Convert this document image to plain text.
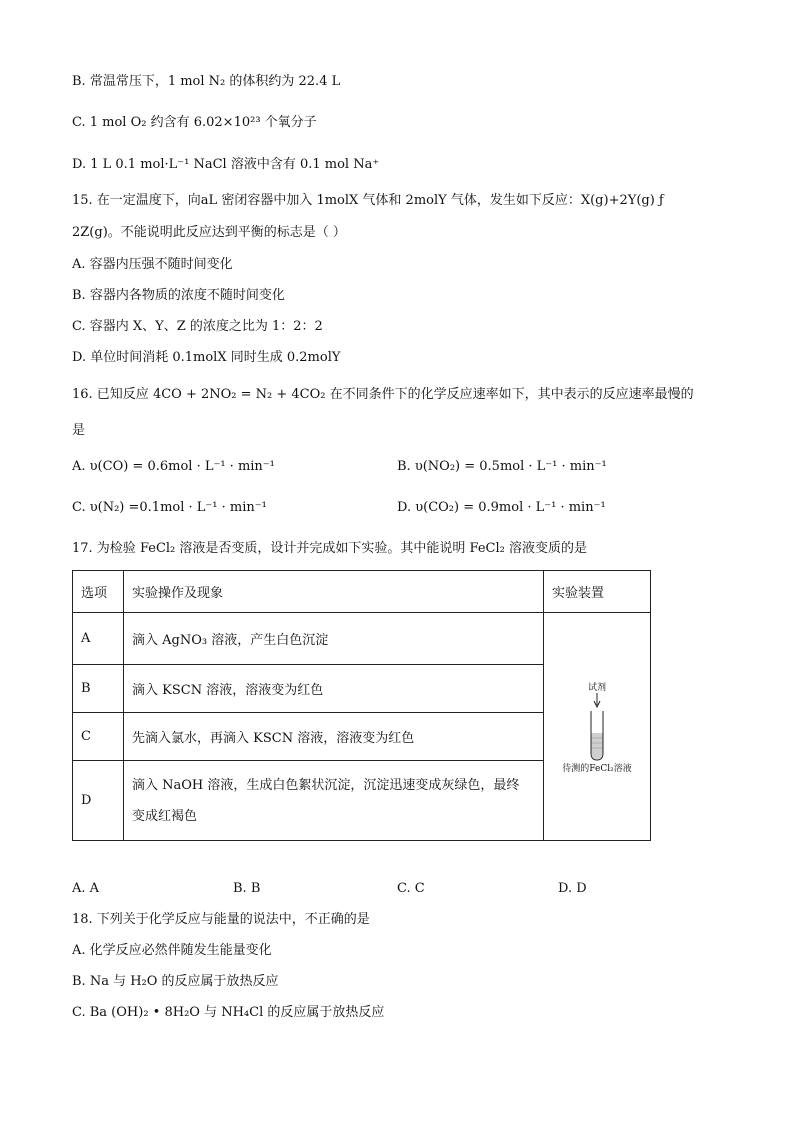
B. 常温常压下，1 mol N₂ 的体积约为 22.4 L
C. 1 mol O₂ 约含有 6.02×10²³ 个氧分子
D. 1 L 0.1 mol·L⁻¹ NaCl 溶液中含有 0.1 mol Na⁺
15. 在一定温度下，向aL 密闭容器中加入 1molX 气体和 2molY 气体，发生如下反应：X(g)+2Y(g) ƒ
2Z(g)。不能说明此反应达到平衡的标志是（ ）
A. 容器内压强不随时间变化
B. 容器内各物质的浓度不随时间变化
C. 容器内 X、Y、Z 的浓度之比为 1：2：2
D. 单位时间消耗 0.1molX 同时生成 0.2molY
16. 已知反应 4CO + 2NO₂ = N₂ + 4CO₂ 在不同条件下的化学反应速率如下，其中表示的反应速率最慢的
是
A. υ(CO) = 0.6mol · L⁻¹ · min⁻¹	B. υ(NO₂) = 0.5mol · L⁻¹ · min⁻¹
C. υ(N₂) =0.1mol · L⁻¹ · min⁻¹	D. υ(CO₂) = 0.9mol · L⁻¹ · min⁻¹
17. 为检验 FeCl₂ 溶液是否变质，设计并完成如下实验。其中能说明 FeCl₂ 溶液变质的是
选项	实验操作及现象	实验装置
A	滴入 AgNO₃ 溶液，产生白色沉淀	试剂
待测的FeCl₂溶液

B	滴入 KSCN 溶液，溶液变为红色	
C	先滴入氯水，再滴入 KSCN 溶液，溶液变为红色	
D	滴入 NaOH 溶液，生成白色絮状沉淀，沉淀迅速变成灰绿色，最终
变成红褐色	
A. A	B. B	C. C	D. D
18. 下列关于化学反应与能量的说法中，不正确的是
A. 化学反应必然伴随发生能量变化
B. Na 与 H₂O 的反应属于放热反应
C. Ba (OH)₂ • 8H₂O 与 NH₄Cl 的反应属于放热反应
